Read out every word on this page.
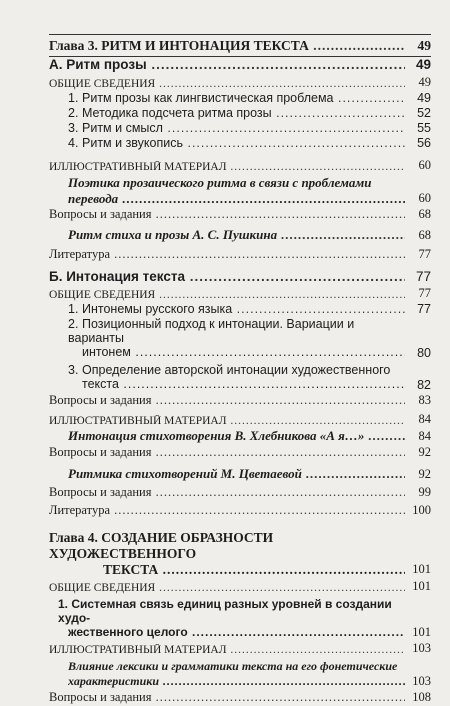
Глава 3. РИТМ И ИНТОНАЦИЯ ТЕКСТА .....	49
А. Ритм прозы .....	49
ОБЩИЕ СВЕДЕНИЯ .....	49
1. Ритм прозы как лингвистическая проблема .....	49
2. Методика подсчета ритма прозы .....	52
3. Ритм и смысл .....	55
4. Ритм и звукопись .....	56
ИЛЛЮСТРАТИВНЫЙ МАТЕРИАЛ .....	60
Поэтика прозаического ритма в связи с проблемами
перевода .....	60
Вопросы и задания .....	68
Ритм стиха и прозы А. С. Пушкина .....	68
Литература .....	77
Б. Интонация текста .....	77
ОБЩИЕ СВЕДЕНИЯ .....	77
1. Интонемы русского языка .....	77
2. Позиционный подход к интонации. Вариации и варианты
интонем .....	80
3. Определение авторской интонации художественного
текста .....	82
Вопросы и задания .....	83
ИЛЛЮСТРАТИВНЫЙ МАТЕРИАЛ .....	84
Интонация стихотворения В. Хлебникова «А я…» .....	84
Вопросы и задания .....	92
Ритмика стихотворений М. Цветаевой .....	92
Вопросы и задания .....	99
Литература .....	100
Глава 4. СОЗДАНИЕ ОБРАЗНОСТИ ХУДОЖЕСТВЕННОГО
ТЕКСТА .....	101
ОБЩИЕ СВЕДЕНИЯ .....	101
1. Системная связь единиц разных уровней в создании худо-
жественного целого .....	101
ИЛЛЮСТРАТИВНЫЙ МАТЕРИАЛ .....	103
Влияние лексики и грамматики текста на его фонетические
характеристики .....	103
Вопросы и задания .....	108
